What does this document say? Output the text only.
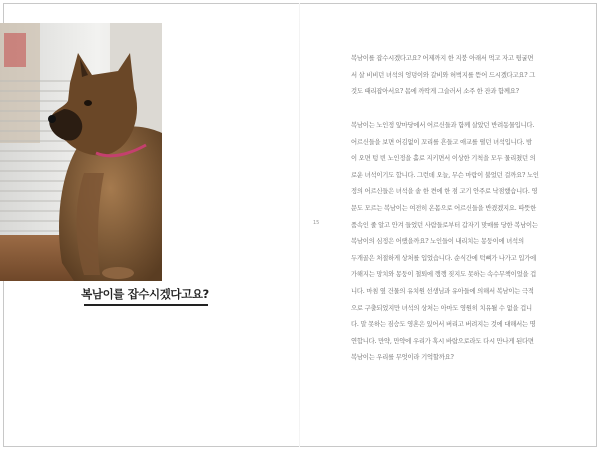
복남이를 잡수시겠다고요?
15
복남이를 잡수시겠다고요? 어제까지 한 지붕 아래서 먹고 자고 뒹굴면
서 살 비비던 녀석의 엉덩이와 갈비와 허벅지를 뜯어 드시겠다고요? 그
것도 때리잡아서요? 몸에 까딱게 그슬러서 소주 한 잔과 함께요?
복남이는 노인정 앞마당에서 어르신들과 함께 살았던 반려동물입니다.
어르신들을 보면 어김없이 꼬리를 흔들고 애교를 떨던 녀석입니다. 밤
이 오면 텅 빈 노인정을 홀로 지키면서 이상한 기척을 모두 물리쳤던 의
로운 녀석이기도 합니다. 그런데 오늘, 무슨 마람이 불었던 걸까요? 노인
정의 어르신들은 녀석을 솥 한 켠에 한 점 고기 안주로 낙점했습니다. 영
문도 모르는 복남이는 여전히 온몸으로 어르신들을 반겼겠지요. 따뜻한
품속인 줄 알고 안겨 들었던 사람들로부터 갑자기 맞매를 당한 복남이는
복남이의 심정은 어땠을까요? 노인들이 내리치는 몽둥이에 녀석의
두개골은 처절하게 상처를 입었습니다. 순식간에 턱뼈가 나가고 입가에
가해지는 망치와 몽둥이 철퇴에 깽깽 짖지도 못하는 속수무책이었을 겁
니다. 마침 옆 건물의 유치원 선생님과 유아들에 의해서 복남이는 극적
으로 구출되었지만 녀석의 상처는 아마도 영원히 치유될 수 없을 겁니
다. 말 못하는 짐승도 영혼은 있어서 버리고 버려지는 것에 대해서는 명
연합니다. 만약, 만약에 우리가 혹시 바랍으로라도 다시 만나게 된다면
복남이는 우리를 무엇이라 기억할까요?
